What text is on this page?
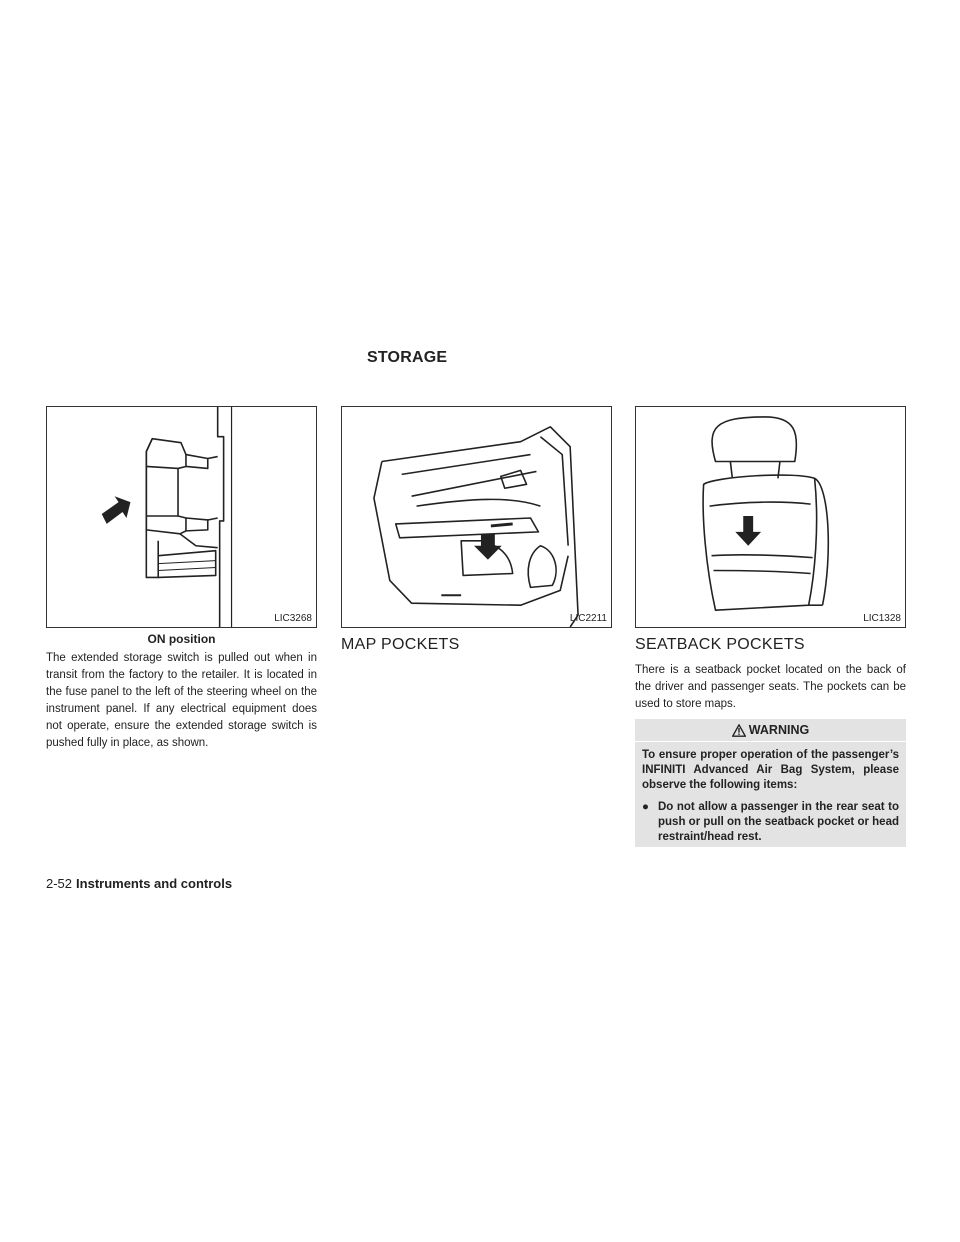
STORAGE
LIC3268
ON position
LIC2211	LIC1328

The extended storage switch is pulled out when in transit from the factory to the retailer. It is located in the fuse panel to the left of the steering wheel on the instrument panel. If any electrical equipment does not operate, ensure the extended storage switch is pushed fully in place, as shown.

MAP POCKETS	SEATBACK POCKETS

There is a seatback pocket located on the back of the driver and passenger seats. The pockets can be used to store maps.

WARNING

To ensure proper operation of the passenger’s INFINITI Advanced Air Bag System, please observe the following items:

● Do not allow a passenger in the rear seat to push or pull on the seatback pocket or head restraint/head rest.
2-52 Instruments and controls
